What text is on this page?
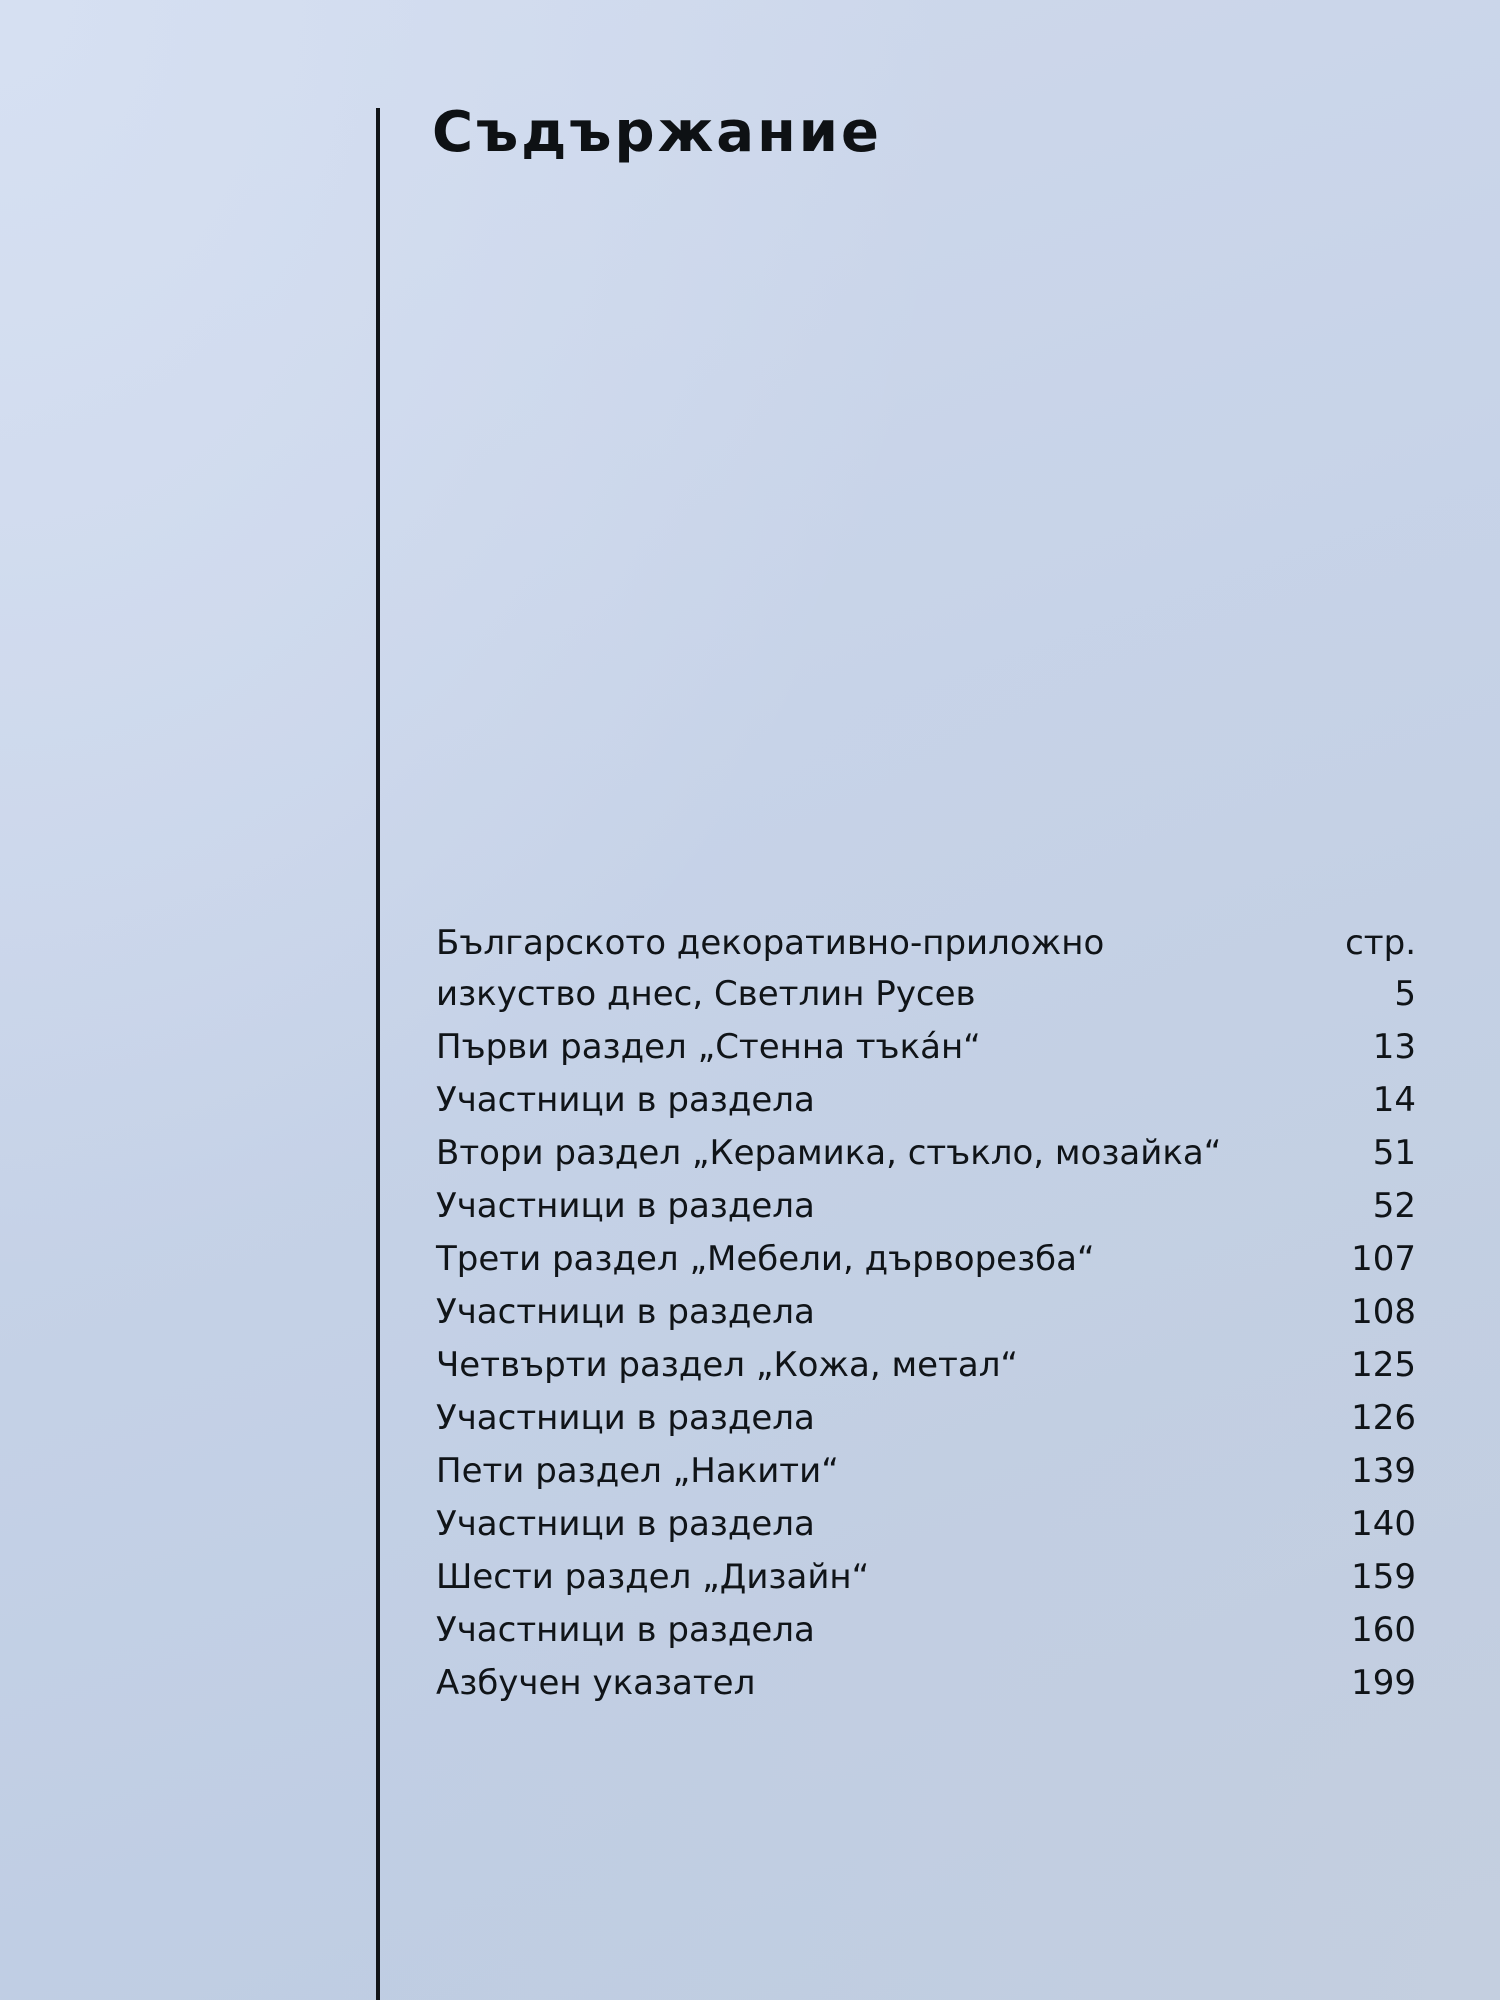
Съдържание
Българското декоративно-приложно	стр.
изкуство днес, Светлин Русев	5
Първи раздел „Стенна тъка́н“	13
Участници в раздела	14
Втори раздел „Керамика, стъкло, мозайка“	51
Участници в раздела	52
Трети раздел „Мебели, дърворезба“	107
Участници в раздела	108
Четвърти раздел „Кожа, метал“	125
Участници в раздела	126
Пети раздел „Накити“	139
Участници в раздела	140
Шести раздел „Дизайн“	159
Участници в раздела	160
Азбучен указател	199
